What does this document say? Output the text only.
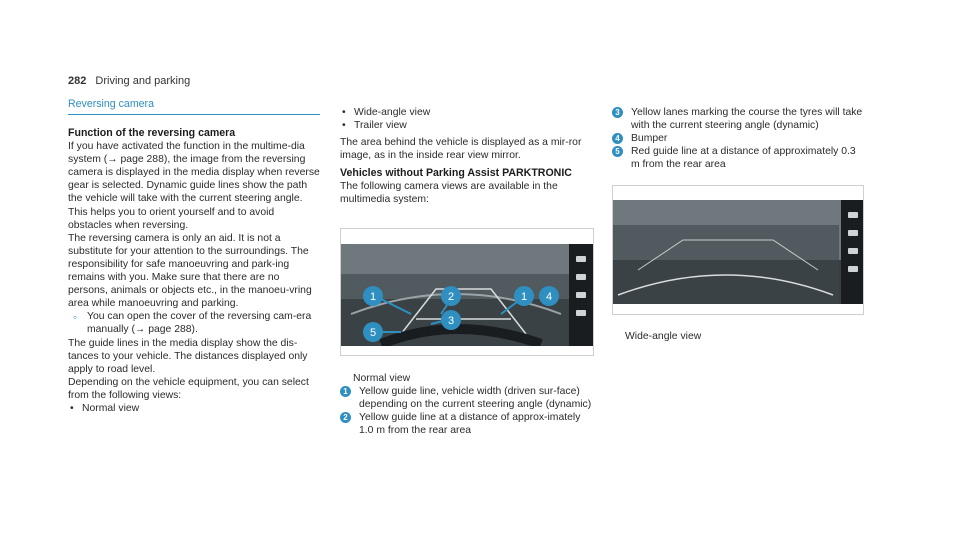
282 Driving and parking
Reversing camera
Function of the reversing camera

If you have activated the function in the multime-dia system (→ page 288), the image from the reversing camera is displayed in the media display when reverse gear is selected. Dynamic guide lines show the path the vehicle will take with the current steering angle. This helps you to orient yourself and to avoid obstacles when reversing.

The reversing camera is only an aid. It is not a substitute for your attention to the surroundings. The responsibility for safe manoeuvring and park-ing remains with you. Make sure that there are no persons, animals or objects etc., in the manoeu-vring area while manoeuvring and parking.

◦ You can open the cover of the reversing cam-era manually (→ page 288).

The guide lines in the media display show the dis-tances to your vehicle. The distances displayed only apply to road level.

Depending on the vehicle equipment, you can select from the following views:

• Normal view
• Wide-angle view
• Trailer view

The area behind the vehicle is displayed as a mir-ror image, as in the inside rear view mirror.

Vehicles without Parking Assist PARKTRONIC

The following camera views are available in the multimedia system:

1	2	1 4
3
5
Normal view
1	Yellow guide line, vehicle width (driven sur-face) depending on the current steering angle (dynamic)
2	Yellow guide line at a distance of approx-imately 1.0 m from the rear area
3	Yellow lanes marking the course the tyres will take with the current steering angle (dynamic)
4	Bumper
5	Red guide line at a distance of approximately 0.3 m from the rear area
Wide-angle view
